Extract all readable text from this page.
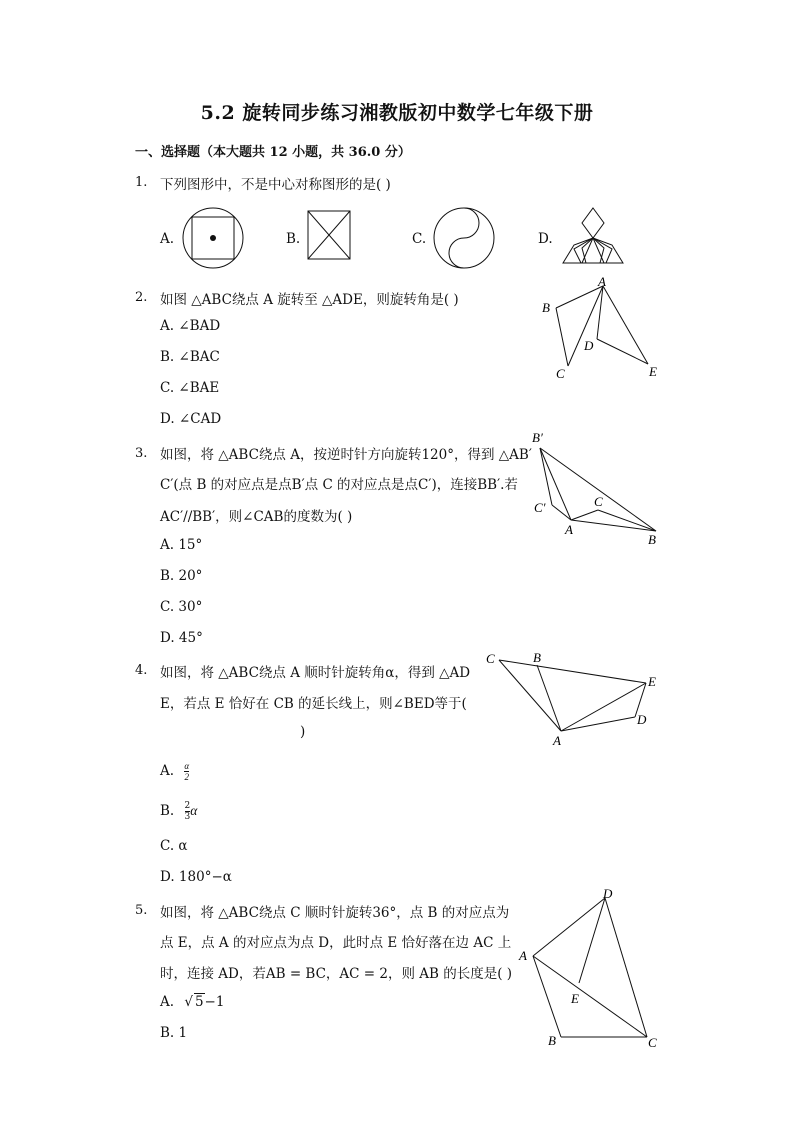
5.2 旋转同步练习湘教版初中数学七年级下册
一、选择题（本大题共 12 小题，共 36.0 分）
1. 下列图形中，不是中心对称图形的是( )
A.	B.	C.	D.
2. 如图 △ABC绕点 A 旋转至 △ADE，则旋转角是( )
A. ∠BAD
B. ∠BAC
C. ∠BAE
D. ∠CAD
A
B
C
D
E
3. 如图，将 △ABC绕点 A，按逆时针方向旋转120°，得到 △AB′
C′(点 B 的对应点是点B′点 C 的对应点是点C′)，连接BB′.若
AC′//BB′，则∠CAB的度数为( )
A. 15°
B. 20°
C. 30°
D. 45°
B′
C′	C
A
B
4. 如图，将 △ABC绕点 A 顺时针旋转角α，得到 △AD
E，若点 E 恰好在 CB 的延长线上，则∠BED等于(
)
A. $\frac{\alpha}{2}$
B. $\frac{2}{3}$ α
C. α
D. 180°−α
C	B
E
D
A
5. 如图，将 △ABC绕点 C 顺时针旋转36°，点 B 的对应点为
点 E，点 A 的对应点为点 D，此时点 E 恰好落在边 AC 上
时，连接 AD，若AB = BC，AC = 2，则 AB 的长度是( )
A. √ 5−1
B. 1
D
A
E
B	C
